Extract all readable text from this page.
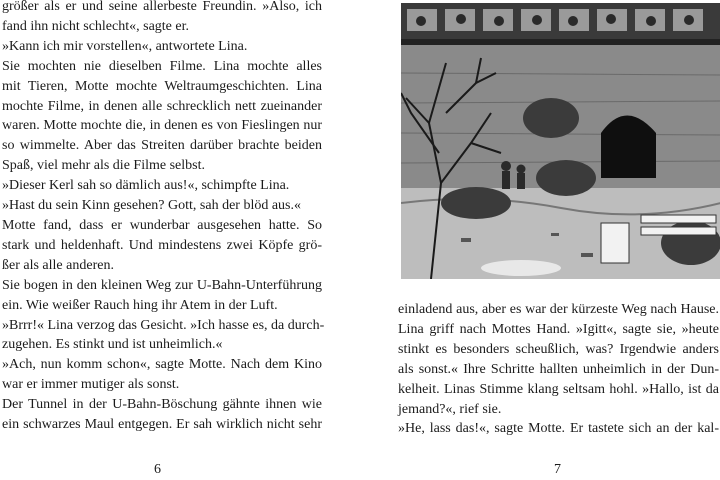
größer als er und seine allerbeste Freundin. »Also, ich
fand ihn nicht schlecht«, sagte er.
»Kann ich mir vorstellen«, antwortete Lina.
Sie mochten nie dieselben Filme. Lina mochte alles
mit Tieren, Motte mochte Weltraumgeschichten. Lina
mochte Filme, in denen alle schrecklich nett zueinander
waren. Motte mochte die, in denen es von Fieslingen nur
so wimmelte. Aber das Streiten darüber brachte beiden
Spaß, viel mehr als die Filme selbst.
»Dieser Kerl sah so dämlich aus!«, schimpfte Lina.
»Hast du sein Kinn gesehen? Gott, sah der blöd aus.«
Motte fand, dass er wunderbar ausgesehen hatte. So
stark und heldenhaft. Und mindestens zwei Köpfe grö-
ßer als alle anderen.
Sie bogen in den kleinen Weg zur U-Bahn-Unterführung
ein. Wie weißer Rauch hing ihr Atem in der Luft.
»Brrr!« Lina verzog das Gesicht. »Ich hasse es, da durch-
zugehen. Es stinkt und ist unheimlich.«
»Ach, nun komm schon«, sagte Motte. Nach dem Kino
war er immer mutiger als sonst.
Der Tunnel in der U-Bahn-Böschung gähnte ihnen wie
ein schwarzes Maul entgegen. Er sah wirklich nicht sehr
6
einladend aus, aber es war der kürzeste Weg nach Hause.
Lina griff nach Mottes Hand. »Igitt«, sagte sie, »heute
stinkt es besonders scheußlich, was? Irgendwie anders
als sonst.« Ihre Schritte hallten unheimlich in der Dun-
kelheit. Linas Stimme klang seltsam hohl. »Hallo, ist da
jemand?«, rief sie.
»He, lass das!«, sagte Motte. Er tastete sich an der kal-
7
